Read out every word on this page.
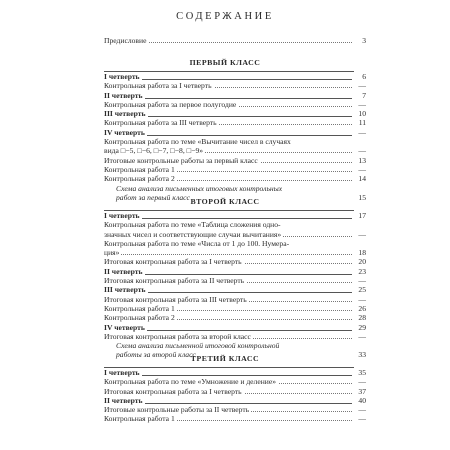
СОДЕРЖАНИЕ
Предисловие	3
ПЕРВЫЙ КЛАСС
I четверть	6
Контрольная работа за I четверть	—
II четверть	7
Контрольная работа за первое полугодие	—
III четверть	10
Контрольная работа за III четверть	11
IV четверть	—
Контрольная работа по теме «Вычитание чисел в случаях
вида □−5, □−6, □−7, □−8, □−9»	—
Итоговые контрольные работы за первый класс	13
Контрольная работа 1	—
Контрольная работа 2	14
Схема анализа письменных итоговых контрольных
работ за первый класс	15
ВТОРОЙ КЛАСС
I четверть	17
Контрольная работа по теме «Таблица сложения одно-
значных чисел и соответствующие случаи вычитания»	—
Контрольная работа по теме «Числа от 1 до 100. Нумера-
ция»	18
Итоговая контрольная работа за I четверть	20
II четверть	23
Итоговая контрольная работа за II четверть	—
III четверть	25
Итоговая контрольная работа за III четверть	—
Контрольная работа 1	26
Контрольная работа 2	28
IV четверть	29
Итоговая контрольная работа за второй класс	—
Схема анализа письменной итоговой контрольной
работы за второй класс	33
ТРЕТИЙ КЛАСС
I четверть	35
Контрольная работа по теме «Умножение и деление»	—
Итоговая контрольная работа за I четверть	37
II четверть	40
Итоговые контрольные работы за II четверть	—
Контрольная работа 1	—
